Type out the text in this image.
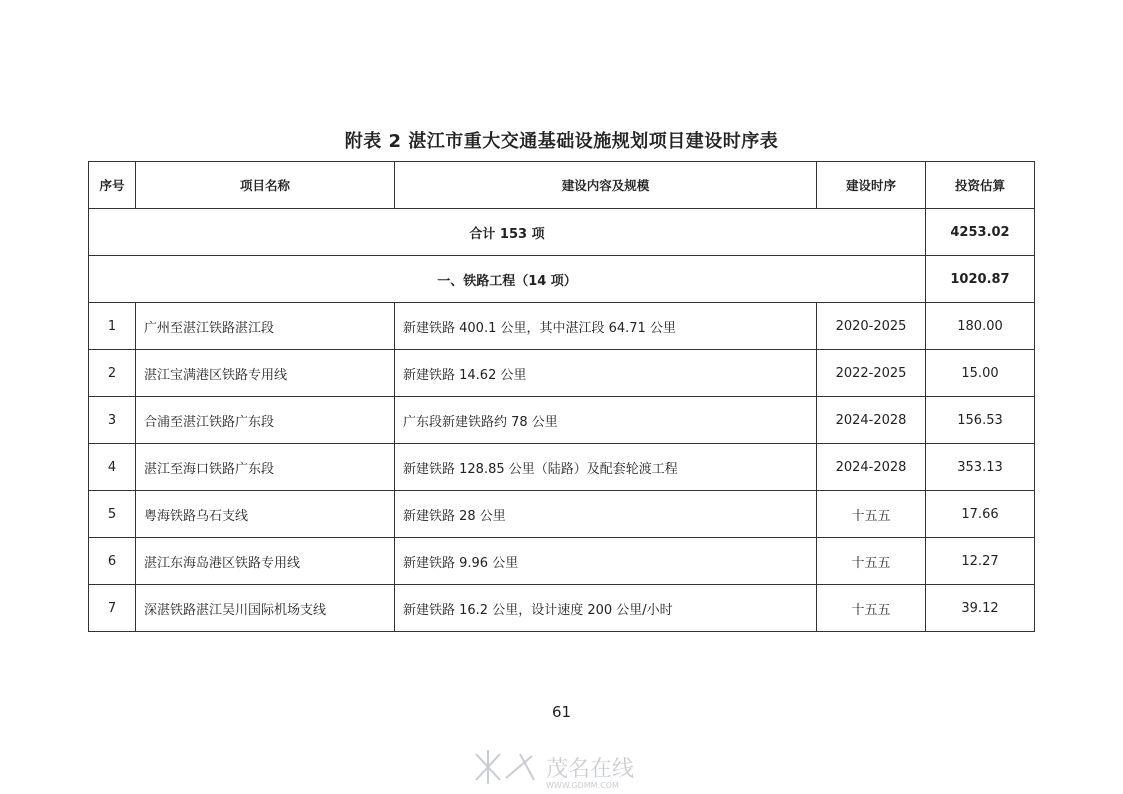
附表 2 湛江市重大交通基础设施规划项目建设时序表
序号	项目名称	建设内容及规模	建设时序	投资估算
合计 153 项				4253.02
一、铁路工程（14 项）				1020.87
1	广州至湛江铁路湛江段	新建铁路 400.1 公里，其中湛江段 64.71 公里	2020-2025	180.00
2	湛江宝满港区铁路专用线	新建铁路 14.62 公里	2022-2025	15.00
3	合浦至湛江铁路广东段	广东段新建铁路约 78 公里	2024-2028	156.53
4	湛江至海口铁路广东段	新建铁路 128.85 公里（陆路）及配套轮渡工程	2024-2028	353.13
5	粤海铁路乌石支线	新建铁路 28 公里	十五五	17.66
6	湛江东海岛港区铁路专用线	新建铁路 9.96 公里	十五五	12.27
7	深湛铁路湛江吴川国际机场支线	新建铁路 16.2 公里，设计速度 200 公里/小时	十五五	39.12
61
茂名在线
WWW.GDMM.COM
